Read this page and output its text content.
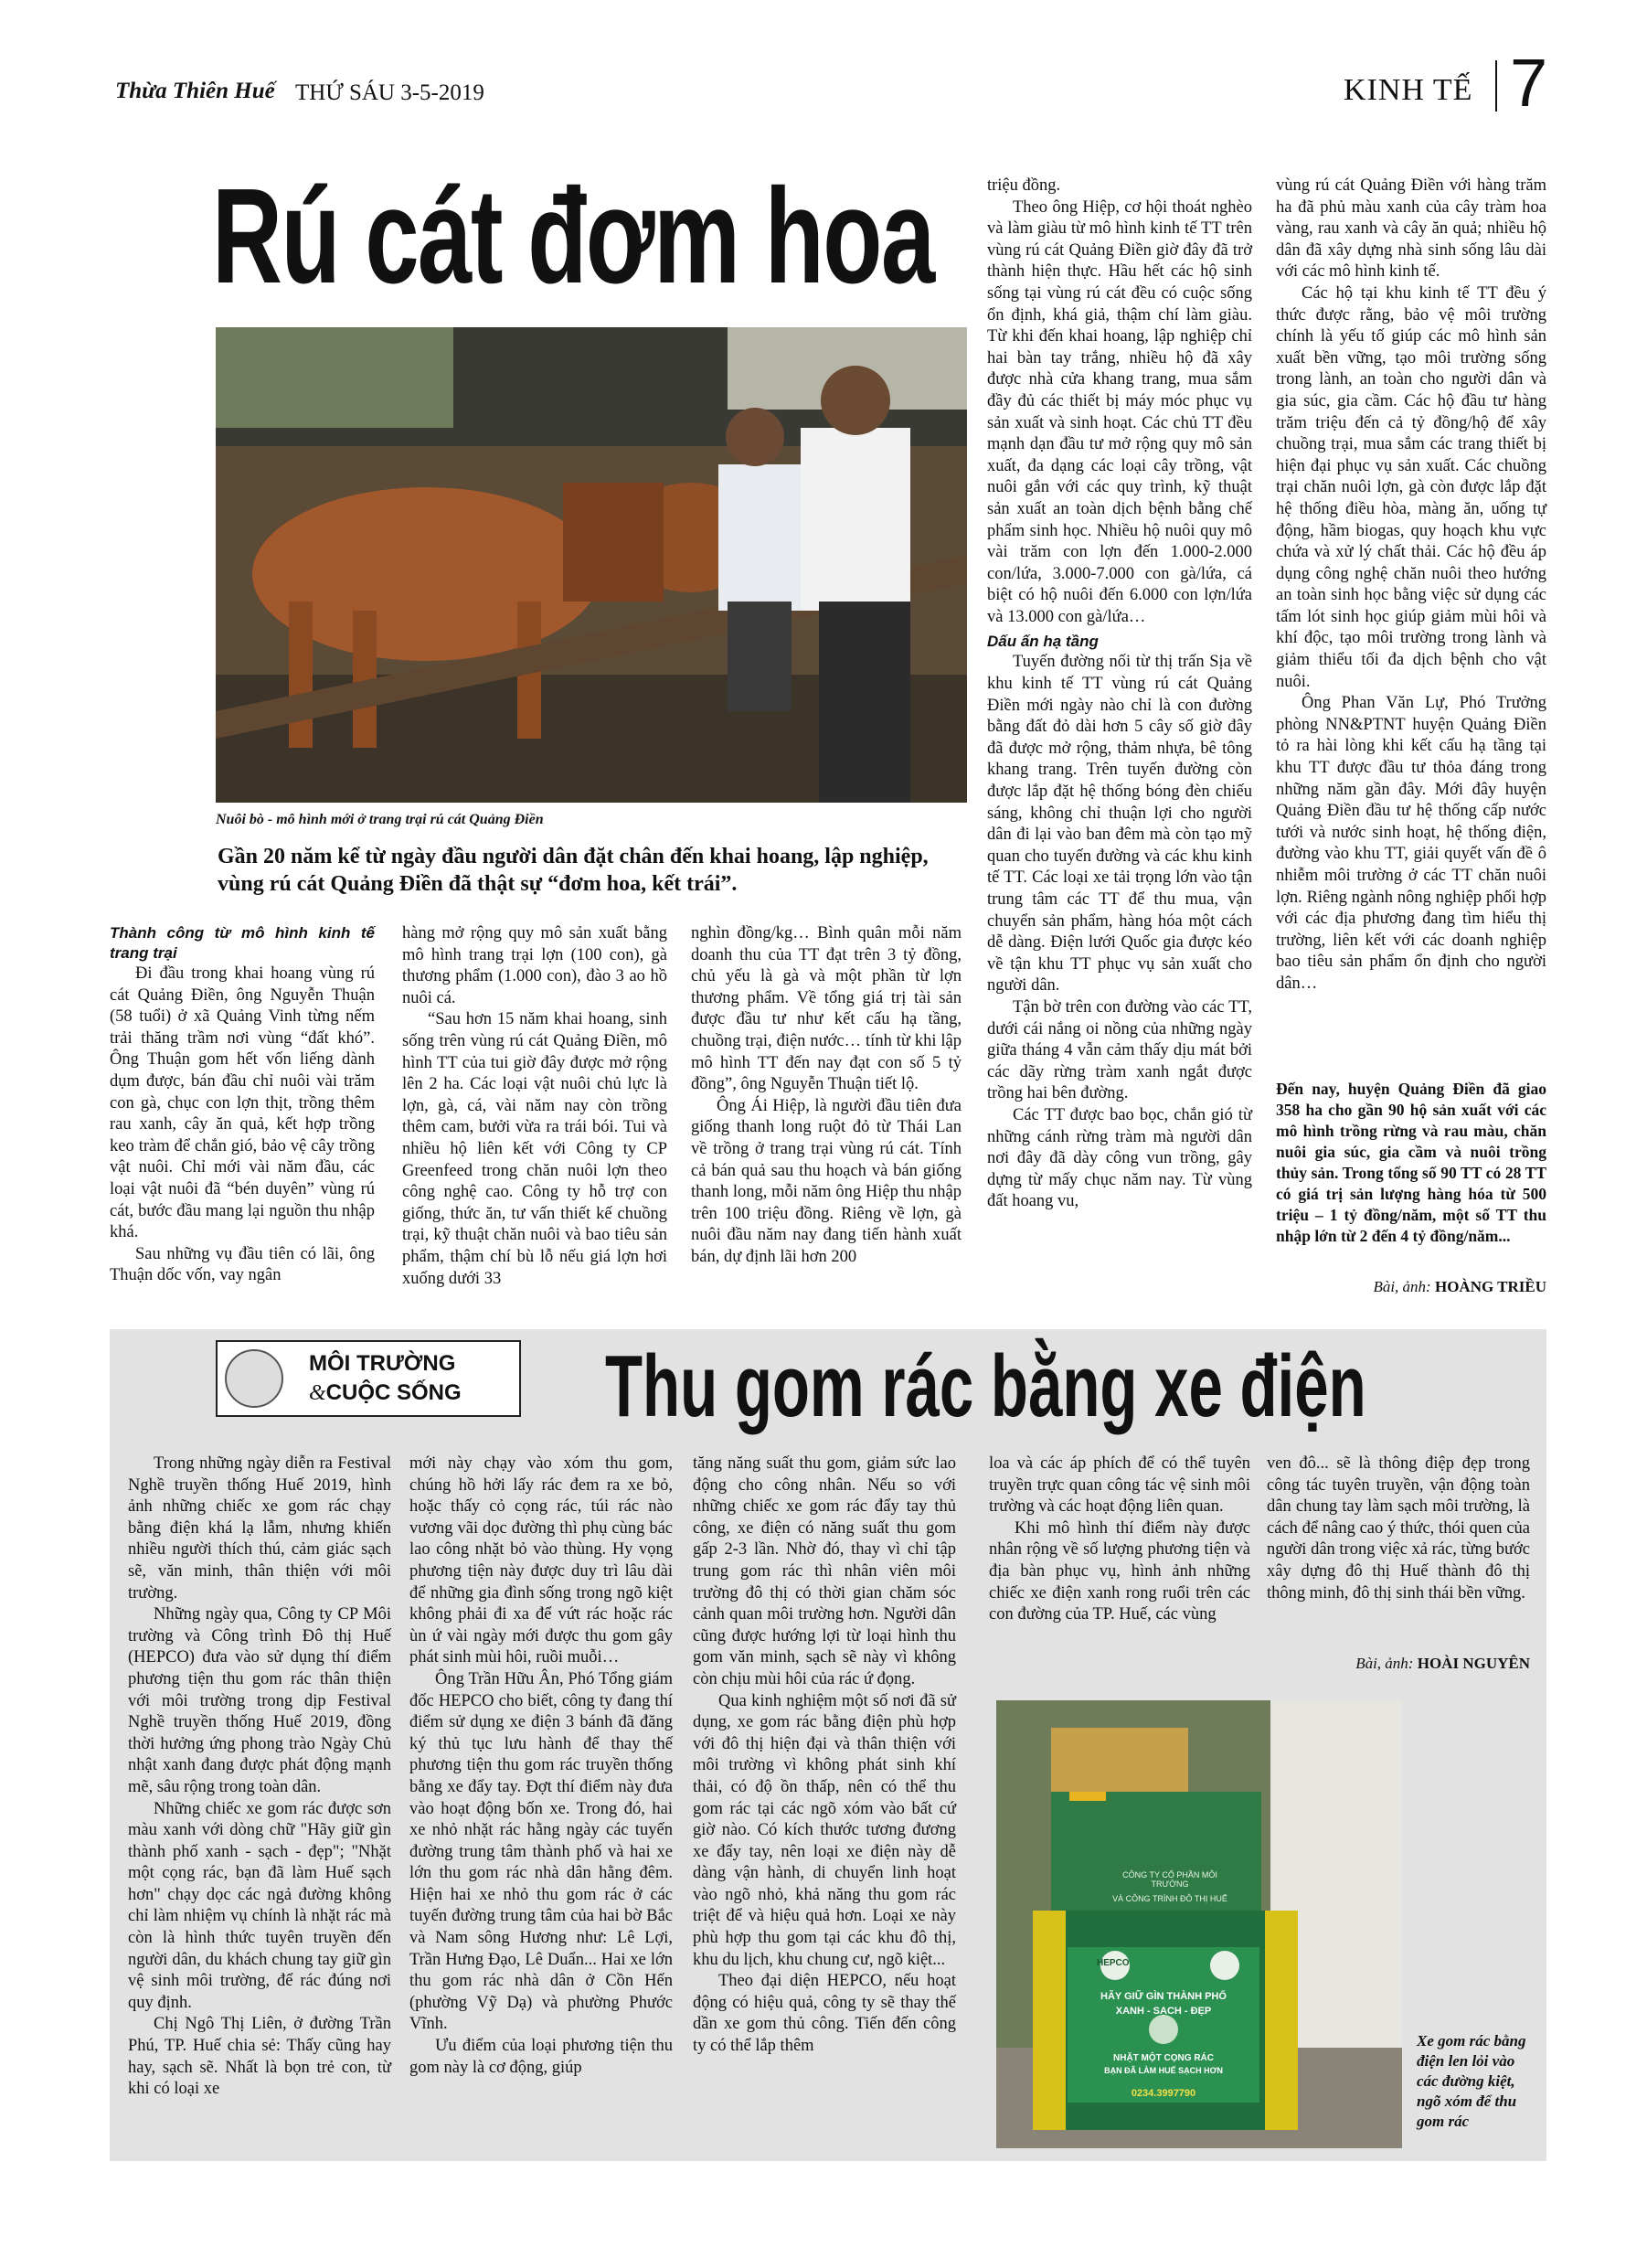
Thừa Thiên Huế THỨ SÁU 3-5-2019	KINH TẾ 7
Rú cát đơm hoa
Nuôi bò - mô hình mới ở trang trại rú cát Quảng Điền
Gần 20 năm kể từ ngày đầu người dân đặt chân đến khai hoang, lập nghiệp, vùng rú cát Quảng Điền đã thật sự “đơm hoa, kết trái”.
Thành công từ mô hình kinh tế trang trại

Đi đầu trong khai hoang vùng rú cát Quảng Điền, ông Nguyễn Thuận (58 tuổi) ở xã Quảng Vinh từng nếm trải thăng trầm nơi vùng “đất khó”. Ông Thuận gom hết vốn liếng dành dụm được, bán đầu chỉ nuôi vài trăm con gà, chục con lợn thịt, trồng thêm rau xanh, cây ăn quả, kết hợp trồng keo tràm để chắn gió, bảo vệ cây trồng vật nuôi. Chỉ mới vài năm đầu, các loại vật nuôi đã “bén duyên” vùng rú cát, bước đầu mang lại nguồn thu nhập khá.

Sau những vụ đầu tiên có lãi, ông Thuận dốc vốn, vay ngân

hàng mở rộng quy mô sản xuất bằng mô hình trang trại lợn (100 con), gà thương phẩm (1.000 con), đào 3 ao hồ nuôi cá.

“Sau hơn 15 năm khai hoang, sinh sống trên vùng rú cát Quảng Điền, mô hình TT của tui giờ đây được mở rộng lên 2 ha. Các loại vật nuôi chủ lực là lợn, gà, cá, vài năm nay còn trồng thêm cam, bưởi vừa ra trái bói. Tui và nhiều hộ liên kết với Công ty CP Greenfeed trong chăn nuôi lợn theo công nghệ cao. Công ty hỗ trợ con giống, thức ăn, tư vấn thiết kế chuồng trại, kỹ thuật chăn nuôi và bao tiêu sản phẩm, thậm chí bù lỗ nếu giá lợn hơi xuống dưới 33

nghìn đồng/kg… Bình quân mỗi năm doanh thu của TT đạt trên 3 tỷ đồng, chủ yếu là gà và một phần từ lợn thương phẩm. Về tổng giá trị tài sản được đầu tư như kết cấu hạ tầng, chuồng trại, điện nước… tính từ khi lập mô hình TT đến nay đạt con số 5 tỷ đồng”, ông Nguyễn Thuận tiết lộ.

Ông Ái Hiệp, là người đầu tiên đưa giống thanh long ruột đỏ từ Thái Lan về trồng ở trang trại vùng rú cát. Tính cả bán quả sau thu hoạch và bán giống thanh long, mỗi năm ông Hiệp thu nhập trên 100 triệu đồng. Riêng về lợn, gà nuôi đầu năm nay đang tiến hành xuất bán, dự định lãi hơn 200

triệu đồng.

Theo ông Hiệp, cơ hội thoát nghèo và làm giàu từ mô hình kinh tế TT trên vùng rú cát Quảng Điền giờ đây đã trở thành hiện thực. Hầu hết các hộ sinh sống tại vùng rú cát đều có cuộc sống ổn định, khá giả, thậm chí làm giàu. Từ khi đến khai hoang, lập nghiệp chỉ hai bàn tay trắng, nhiều hộ đã xây được nhà cửa khang trang, mua sắm đầy đủ các thiết bị máy móc phục vụ sản xuất và sinh hoạt. Các chủ TT đều mạnh dạn đầu tư mở rộng quy mô sản xuất, đa dạng các loại cây trồng, vật nuôi gắn với các quy trình, kỹ thuật sản xuất an toàn dịch bệnh bằng chế phẩm sinh học. Nhiều hộ nuôi quy mô vài trăm con lợn đến 1.000-2.000 con/lứa, 3.000-7.000 con gà/lứa, cá biệt có hộ nuôi đến 6.000 con lợn/lứa và 13.000 con gà/lứa…

Dấu ấn hạ tầng

Tuyến đường nối từ thị trấn Sịa về khu kinh tế TT vùng rú cát Quảng Điền mới ngày nào chỉ là con đường bằng đất đỏ dài hơn 5 cây số giờ đây đã được mở rộng, thảm nhựa, bê tông khang trang. Trên tuyến đường còn được lắp đặt hệ thống bóng đèn chiếu sáng, không chỉ thuận lợi cho người dân đi lại vào ban đêm mà còn tạo mỹ quan cho tuyến đường và các khu kinh tế TT. Các loại xe tải trọng lớn vào tận trung tâm các TT để thu mua, vận chuyển sản phẩm, hàng hóa một cách dễ dàng. Điện lưới Quốc gia được kéo về tận khu TT phục vụ sản xuất cho người dân.

Tận bờ trên con đường vào các TT, dưới cái nắng oi nồng của những ngày giữa tháng 4 vẫn cảm thấy dịu mát bởi các dãy rừng tràm xanh ngắt được trồng hai bên đường.

Các TT được bao bọc, chắn gió từ những cánh rừng tràm mà người dân nơi đây đã dày công vun trồng, gây dựng từ mấy chục năm nay. Từ vùng đất hoang vu,

vùng rú cát Quảng Điền với hàng trăm ha đã phủ màu xanh của cây tràm hoa vàng, rau xanh và cây ăn quả; nhiều hộ dân đã xây dựng nhà sinh sống lâu dài với các mô hình kinh tế.

Các hộ tại khu kinh tế TT đều ý thức được rằng, bảo vệ môi trường chính là yếu tố giúp các mô hình sản xuất bền vững, tạo môi trường sống trong lành, an toàn cho người dân và gia súc, gia cầm. Các hộ đầu tư hàng trăm triệu đến cả tỷ đồng/hộ để xây chuồng trại, mua sắm các trang thiết bị hiện đại phục vụ sản xuất. Các chuồng trại chăn nuôi lợn, gà còn được lắp đặt hệ thống điều hòa, màng ăn, uống tự động, hầm biogas, quy hoạch khu vực chứa và xử lý chất thải. Các hộ đều áp dụng công nghệ chăn nuôi theo hướng an toàn sinh học bằng việc sử dụng các tấm lót sinh học giúp giảm mùi hôi và khí độc, tạo môi trường trong lành và giảm thiểu tối đa dịch bệnh cho vật nuôi.

Ông Phan Văn Lự, Phó Trưởng phòng NN&PTNT huyện Quảng Điền tỏ ra hài lòng khi kết cấu hạ tầng tại khu TT được đầu tư thỏa đáng trong những năm gần đây. Mới đây huyện Quảng Điền đầu tư hệ thống cấp nước tưới và nước sinh hoạt, hệ thống điện, đường vào khu TT, giải quyết vấn đề ô nhiễm môi trường ở các TT chăn nuôi lợn. Riêng ngành nông nghiệp phối hợp với các địa phương đang tìm hiểu thị trường, liên kết với các doanh nghiệp bao tiêu sản phẩm ổn định cho người dân…

Đến nay, huyện Quảng Điền đã giao 358 ha cho gần 90 hộ sản xuất với các mô hình trồng rừng và rau màu, chăn nuôi gia súc, gia cầm và nuôi trồng thủy sản. Trong tổng số 90 TT có 28 TT có giá trị sản lượng hàng hóa từ 500 triệu – 1 tỷ đồng/năm, một số TT thu nhập lớn từ 2 đến 4 tỷ đồng/năm...
Bài, ảnh: HOÀNG TRIỀU
MÔI TRƯỜNG
&CUỘC SỐNG Thu gom rác bằng xe điện

Trong những ngày diễn ra Festival Nghề truyền thống Huế 2019, hình ảnh những chiếc xe gom rác chạy bằng điện khá lạ lẫm, nhưng khiến nhiều người thích thú, cảm giác sạch sẽ, văn minh, thân thiện với môi trường.

Những ngày qua, Công ty CP Môi trường và Công trình Đô thị Huế (HEPCO) đưa vào sử dụng thí điểm phương tiện thu gom rác thân thiện với môi trường trong dịp Festival Nghề truyền thống Huế 2019, đồng thời hưởng ứng phong trào Ngày Chủ nhật xanh đang được phát động mạnh mẽ, sâu rộng trong toàn dân.

Những chiếc xe gom rác được sơn màu xanh với dòng chữ "Hãy giữ gìn thành phố xanh - sạch - đẹp"; "Nhặt một cọng rác, bạn đã làm Huế sạch hơn" chạy dọc các ngả đường không chỉ làm nhiệm vụ chính là nhặt rác mà còn là hình thức tuyên truyền đến người dân, du khách chung tay giữ gìn vệ sinh môi trường, để rác đúng nơi quy định.

Chị Ngô Thị Liên, ở đường Trần Phú, TP. Huế chia sẻ: Thấy cũng hay hay, sạch sẽ. Nhất là bọn trẻ con, từ khi có loại xe

mới này chạy vào xóm thu gom, chúng hồ hởi lấy rác đem ra xe bỏ, hoặc thấy cỏ cọng rác, túi rác nào vương vãi dọc đường thì phụ cùng bác lao công nhặt bỏ vào thùng. Hy vọng phương tiện này được duy trì lâu dài để những gia đình sống trong ngõ kiệt không phải đi xa để vứt rác hoặc rác ùn ứ vài ngày mới được thu gom gây phát sinh mùi hôi, ruồi muỗi…

Ông Trần Hữu Ân, Phó Tổng giám đốc HEPCO cho biết, công ty đang thí điểm sử dụng xe điện 3 bánh đã đăng ký thủ tục lưu hành để thay thế phương tiện thu gom rác truyền thống bằng xe đẩy tay. Đợt thí điểm này đưa vào hoạt động bốn xe. Trong đó, hai xe nhỏ nhặt rác hằng ngày các tuyến đường trung tâm thành phố và hai xe lớn thu gom rác nhà dân hằng đêm. Hiện hai xe nhỏ thu gom rác ở các tuyến đường trung tâm của hai bờ Bắc và Nam sông Hương như: Lê Lợi, Trần Hưng Đạo, Lê Duẩn... Hai xe lớn thu gom rác nhà dân ở Cồn Hến (phường Vỹ Dạ) và phường Phước Vĩnh.

Ưu điểm của loại phương tiện thu gom này là cơ động, giúp

tăng năng suất thu gom, giảm sức lao động cho công nhân. Nếu so với những chiếc xe gom rác đẩy tay thủ công, xe điện có năng suất thu gom gấp 2-3 lần. Nhờ đó, thay vì chỉ tập trung gom rác thì nhân viên môi trường đô thị có thời gian chăm sóc cảnh quan môi trường hơn. Người dân cũng được hướng lợi từ loại hình thu gom văn minh, sạch sẽ này vì không còn chịu mùi hôi của rác ứ đọng.

Qua kinh nghiệm một số nơi đã sử dụng, xe gom rác bằng điện phù hợp với đô thị hiện đại và thân thiện với môi trường vì không phát sinh khí thải, có độ ồn thấp, nên có thể thu gom rác tại các ngõ xóm vào bất cứ giờ nào. Có kích thước tương đương xe đẩy tay, nên loại xe điện này dễ dàng vận hành, di chuyển linh hoạt vào ngõ nhỏ, khả năng thu gom rác triệt để và hiệu quả hơn. Loại xe này phù hợp thu gom tại các khu đô thị, khu du lịch, khu chung cư, ngõ kiệt...

Theo đại diện HEPCO, nếu hoạt động có hiệu quả, công ty sẽ thay thế dần xe gom thủ công. Tiến đến công ty có thể lắp thêm

loa và các áp phích để có thể tuyên truyền trực quan công tác vệ sinh môi trường và các hoạt động liên quan.

Khi mô hình thí điểm này được nhân rộng về số lượng phương tiện và địa bàn phục vụ, hình ảnh những chiếc xe điện xanh rong ruổi trên các con đường của TP. Huế, các vùng

ven đô... sẽ là thông điệp đẹp trong công tác tuyên truyền, vận động toàn dân chung tay làm sạch môi trường, là cách để nâng cao ý thức, thói quen của người dân trong việc xả rác, từng bước xây dựng đô thị Huế thành đô thị thông minh, đô thị sinh thái bền vững.

Bài, ảnh: HOÀI NGUYÊN
CÔNG TY CỔ PHẦN MÔI TRƯỜNG
VÀ CÔNG TRÌNH ĐÔ THỊ HUẾ
HEPCO
HÃY GIỮ GÌN THÀNH PHỐ
XANH - SẠCH - ĐẸP
NHẶT MỘT CỌNG RÁC
BẠN ĐÃ LÀM HUẾ SẠCH HƠN
0234.3997790
Xe gom rác bằng điện len lỏi vào các đường kiệt, ngõ xóm để thu gom rác
